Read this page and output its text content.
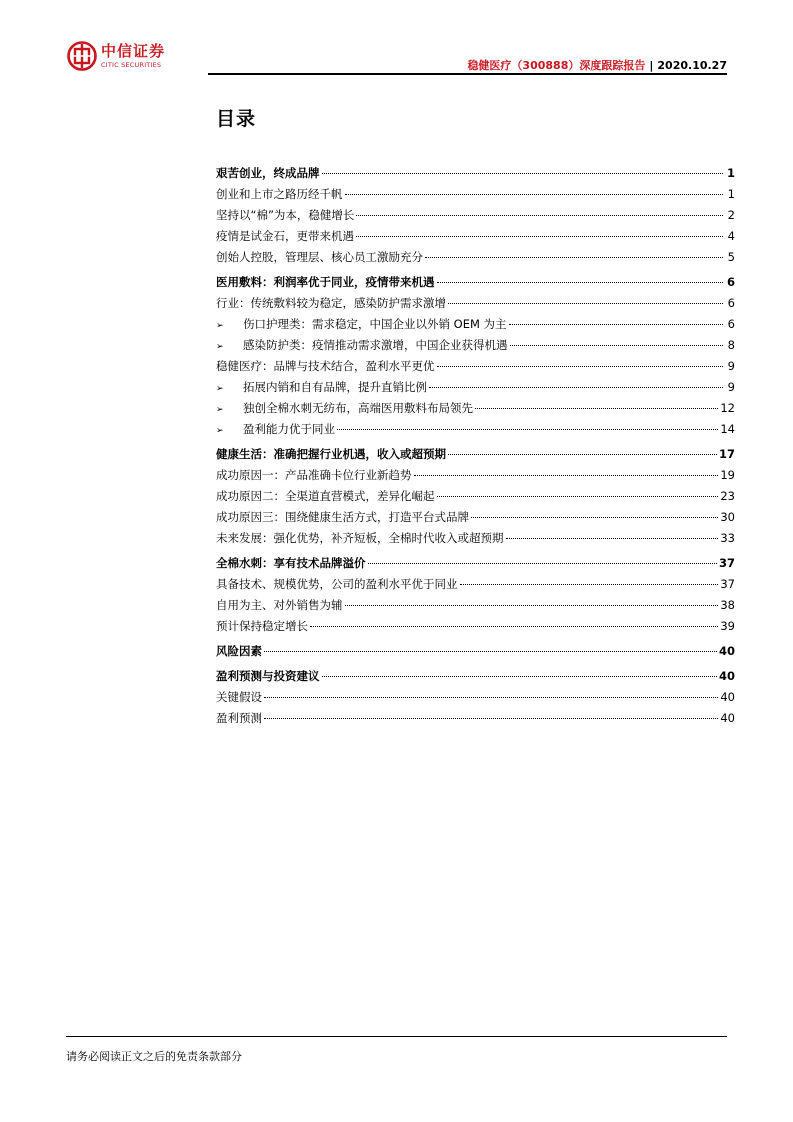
中信证券
CITIC SECURITIES	稳健医疗（300888）深度跟踪报告 | 2020.10.27
目录
艰苦创业，终成品牌	1
创业和上市之路历经千帆	1
坚持以“棉”为本，稳健增长	2
疫情是试金石，更带来机遇	4
创始人控股，管理层、核心员工激励充分	5
医用敷料：利润率优于同业，疫情带来机遇	6
行业：传统敷料较为稳定，感染防护需求激增	6
➢	伤口护理类：需求稳定，中国企业以外销 OEM 为主	6
➢	感染防护类：疫情推动需求激增，中国企业获得机遇	8
稳健医疗：品牌与技术结合，盈利水平更优	9
➢	拓展内销和自有品牌，提升直销比例	9
➢	独创全棉水刺无纺布，高端医用敷料布局领先	12
➢	盈利能力优于同业	14
健康生活：准确把握行业机遇，收入或超预期	17
成功原因一：产品准确卡位行业新趋势	19
成功原因二：全渠道直营模式，差异化崛起	23
成功原因三：围绕健康生活方式，打造平台式品牌	30
未来发展：强化优势，补齐短板，全棉时代收入或超预期	33
全棉水刺：享有技术品牌溢价	37
具备技术、规模优势，公司的盈利水平优于同业	37
自用为主、对外销售为辅	38
预计保持稳定增长	39
风险因素	40
盈利预测与投资建议	40
关键假设	40
盈利预测	40
请务必阅读正文之后的免责条款部分
